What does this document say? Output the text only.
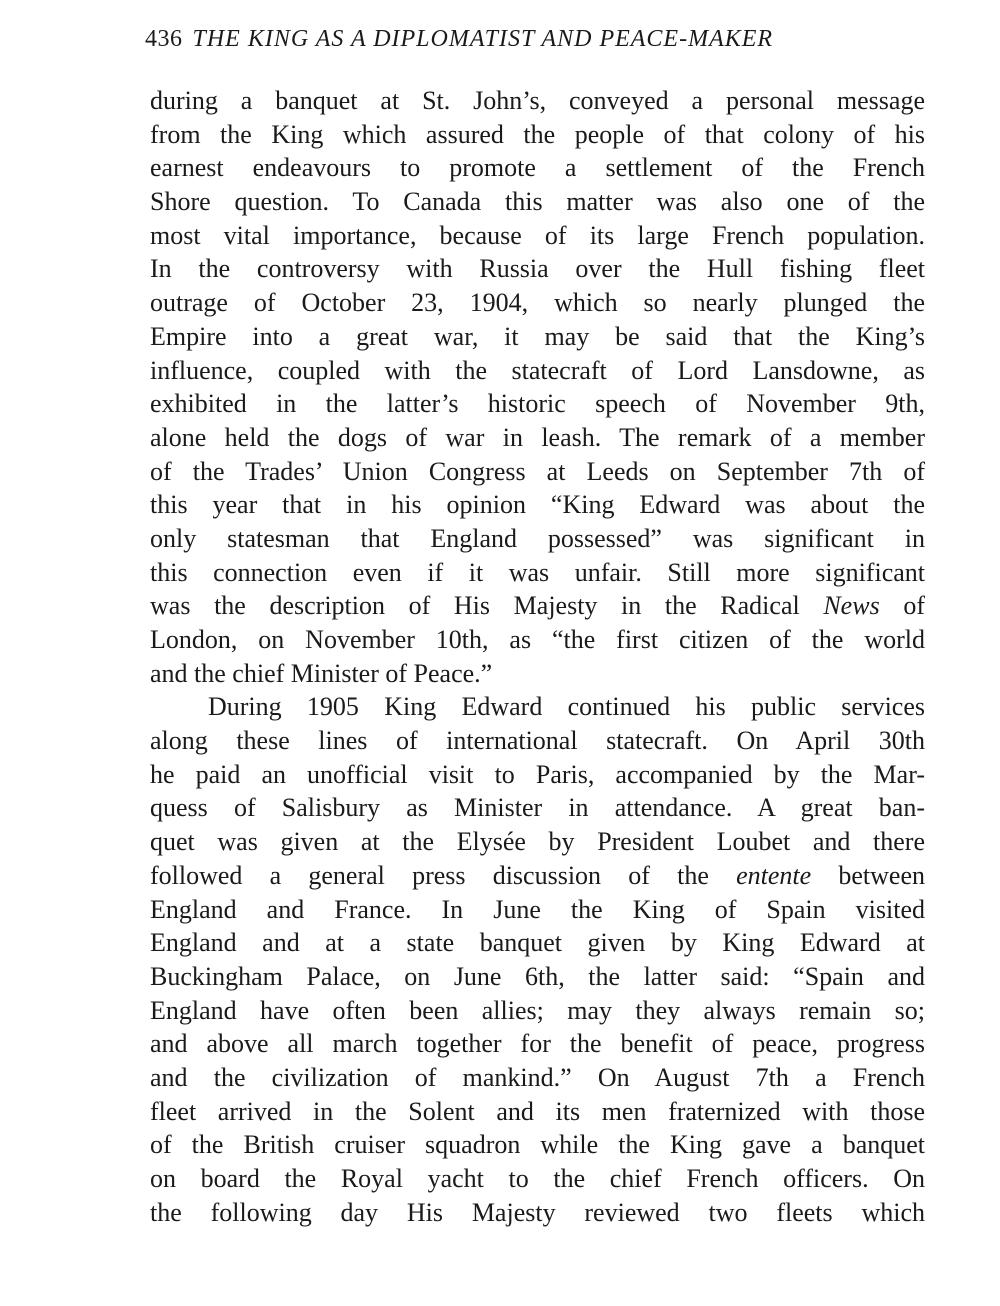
436 THE KING AS A DIPLOMATIST AND PEACE-MAKER
during a banquet at St. John’s, conveyed a personal message
from the King which assured the people of that colony of his
earnest endeavours to promote a settlement of the French
Shore question. To Canada this matter was also one of the
most vital importance, because of its large French population.
In the controversy with Russia over the Hull fishing fleet
outrage of October 23, 1904, which so nearly plunged the
Empire into a great war, it may be said that the King’s
influence, coupled with the statecraft of Lord Lansdowne, as
exhibited in the latter’s historic speech of November 9th,
alone held the dogs of war in leash. The remark of a member
of the Trades’ Union Congress at Leeds on September 7th of
this year that in his opinion “King Edward was about the
only statesman that England possessed” was significant in
this connection even if it was unfair. Still more significant
was the description of His Majesty in the Radical News of
London, on November 10th, as “the first citizen of the world
and the chief Minister of Peace.”
During 1905 King Edward continued his public services
along these lines of international statecraft. On April 30th
he paid an unofficial visit to Paris, accompanied by the Mar-
quess of Salisbury as Minister in attendance. A great ban-
quet was given at the Elysée by President Loubet and there
followed a general press discussion of the entente between
England and France. In June the King of Spain visited
England and at a state banquet given by King Edward at
Buckingham Palace, on June 6th, the latter said: “Spain and
England have often been allies; may they always remain so;
and above all march together for the benefit of peace, progress
and the civilization of mankind.” On August 7th a French
fleet arrived in the Solent and its men fraternized with those
of the British cruiser squadron while the King gave a banquet
on board the Royal yacht to the chief French officers. On
the following day His Majesty reviewed two fleets which
